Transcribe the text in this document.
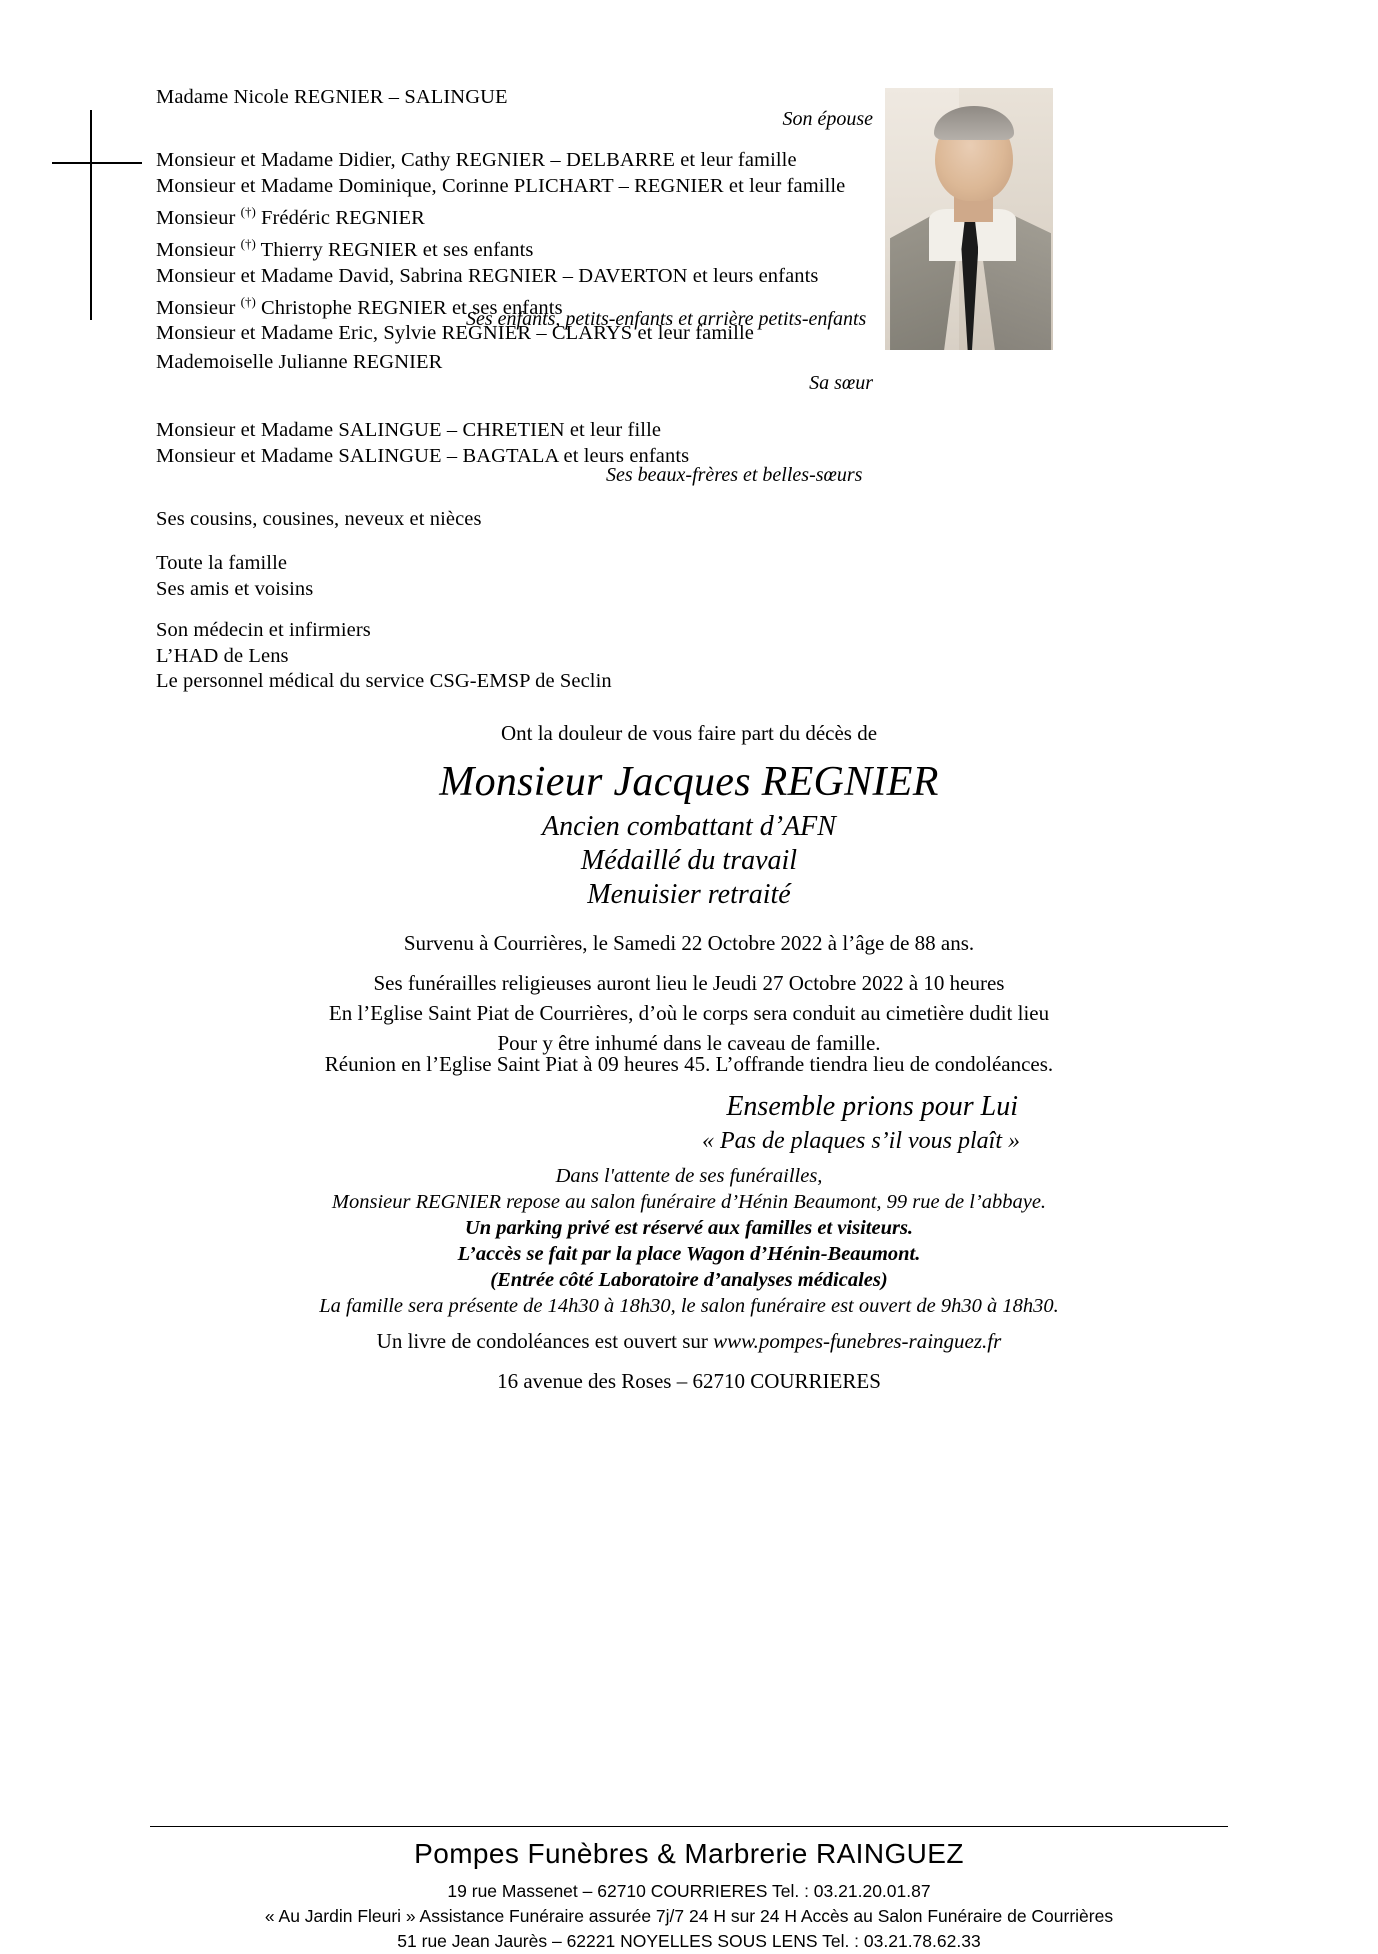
Madame Nicole REGNIER – SALINGUE
Son épouse
Monsieur et Madame Didier, Cathy REGNIER – DELBARRE et leur famille
Monsieur et Madame Dominique, Corinne PLICHART – REGNIER et leur famille
Monsieur (†) Frédéric REGNIER
Monsieur (†) Thierry REGNIER et ses enfants
Monsieur et Madame David, Sabrina REGNIER – DAVERTON et leurs enfants
Monsieur (†) Christophe REGNIER et ses enfants
Monsieur et Madame Eric, Sylvie REGNIER – CLARYS et leur famille
Ses enfants, petits-enfants et arrière petits-enfants
Mademoiselle Julianne REGNIER
Sa sœur
Monsieur et Madame SALINGUE – CHRETIEN et leur fille
Monsieur et Madame SALINGUE – BAGTALA et leurs enfants
Ses beaux-frères et belles-sœurs
Ses cousins, cousines, neveux et nièces
Toute la famille
Ses amis et voisins
Son médecin et infirmiers
L’HAD de Lens
Le personnel médical du service CSG-EMSP de Seclin
Ont la douleur de vous faire part du décès de
Monsieur Jacques REGNIER
Ancien combattant d’AFN
Médaillé du travail
Menuisier retraité
Survenu à Courrières, le Samedi 22 Octobre 2022 à l’âge de 88 ans.
Ses funérailles religieuses auront lieu le Jeudi 27 Octobre 2022 à 10 heures
En l’Eglise Saint Piat de Courrières, d’où le corps sera conduit au cimetière dudit lieu
Pour y être inhumé dans le caveau de famille.
Réunion en l’Eglise Saint Piat à 09 heures 45. L’offrande tiendra lieu de condoléances.
Ensemble prions pour Lui
« Pas de plaques s’il vous plaît »
Dans l'attente de ses funérailles,
Monsieur REGNIER repose au salon funéraire d’Hénin Beaumont, 99 rue de l’abbaye.
Un parking privé est réservé aux familles et visiteurs.
L’accès se fait par la place Wagon d’Hénin-Beaumont.
(Entrée côté Laboratoire d’analyses médicales)
La famille sera présente de 14h30 à 18h30, le salon funéraire est ouvert de 9h30 à 18h30.
Un livre de condoléances est ouvert sur www.pompes-funebres-rainguez.fr
16 avenue des Roses – 62710 COURRIERES
Pompes Funèbres & Marbrerie RAINGUEZ
19 rue Massenet – 62710 COURRIERES Tel. : 03.21.20.01.87
« Au Jardin Fleuri » Assistance Funéraire assurée 7j/7 24 H sur 24 H Accès au Salon Funéraire de Courrières
51 rue Jean Jaurès – 62221 NOYELLES SOUS LENS Tel. : 03.21.78.62.33
